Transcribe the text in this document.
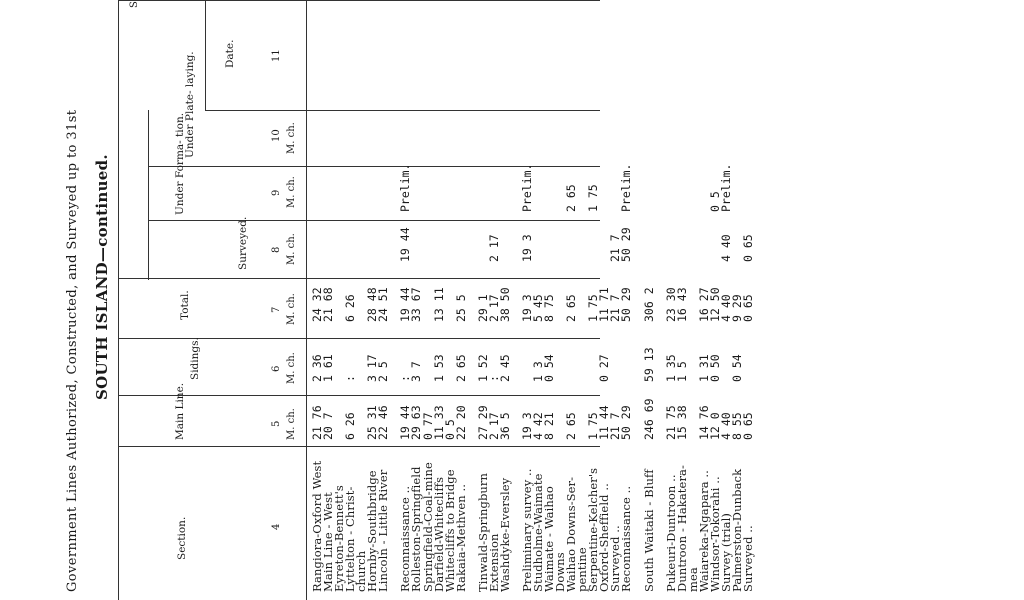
Government Lines Authorized, Constructed, and Surveyed up to 31st SOUTH ISLAND—continued.
S
Section.
Main Line.
Sidings.
Total.
Surveyed.
Under Forma- tion.
Under Plate- laying.	Date.
4
5
6
7
8
9
10
11
M. ch.
M. ch.
M. ch.
M. ch.
M. ch.
M. ch.
Rangiora-Oxford West
21 76
2 36
24 32
Main Line - West
20 7
1 61
21 68
Eyreton-Bennett's
Lyttelton - Christ-
6 26
:
6 26
church
Hornby-Southbridge
25 31
3 17
28 48
Lincoln - Little River
22 46
2 5
24 51
Reconnaissance ..
19 44
:
19 44
19 44
Prelim.
Rolleston-Springfield
29 63
3 7
33 67
Springfield-Coal-mine
0 77
Darfield-Whitecliffs
11 33
1 53
13 11
Whitecliffs to Bridge
0 5
Rakaia-Methven ..
22 20
2 65
25 5
Tinwald-Springburn
27 29
1 52
29 1
Extension
2 17
:
2 17
2 17
Washdyke-Eversley
36 5
2 45
38 50
Preliminary survey ..
19 3
19 3
19 3
Prelim.
Studholme-Waimate
4 42
1 3
5 45
Waimate - Waihao
8 21
0 54
8 75
Downs
Waihao Downs-Ser-
2 65
2 65
2 65
pentine
Serpentine-Kelcher's
1 75
1 75
1 75
Oxford-Sheffield ..
11 44
0 27
11 71
Surveyed ..
21 7
21 7
21 7
Reconnaissance ..
50 29
50 29
50 29
Prelim.
South Waitaki - Bluff
246 69
59 13
306 2
Pukeuri-Duntroon ..
21 75
1 35
23 30
Duntroon - Hakatera-
15 38
1 5
16 43
mea
Waiareka-Ngapara ..
14 76
1 31
16 27
Windsor-Tokorahi ..
12 0
0 50
12 50
0 5
Survey (trial)
4 40
4 40
4 40
Prelim.
Palmerston-Dunback
8 55
0 54
9 29
Surveyed ..
0 65
0 65
0 65
